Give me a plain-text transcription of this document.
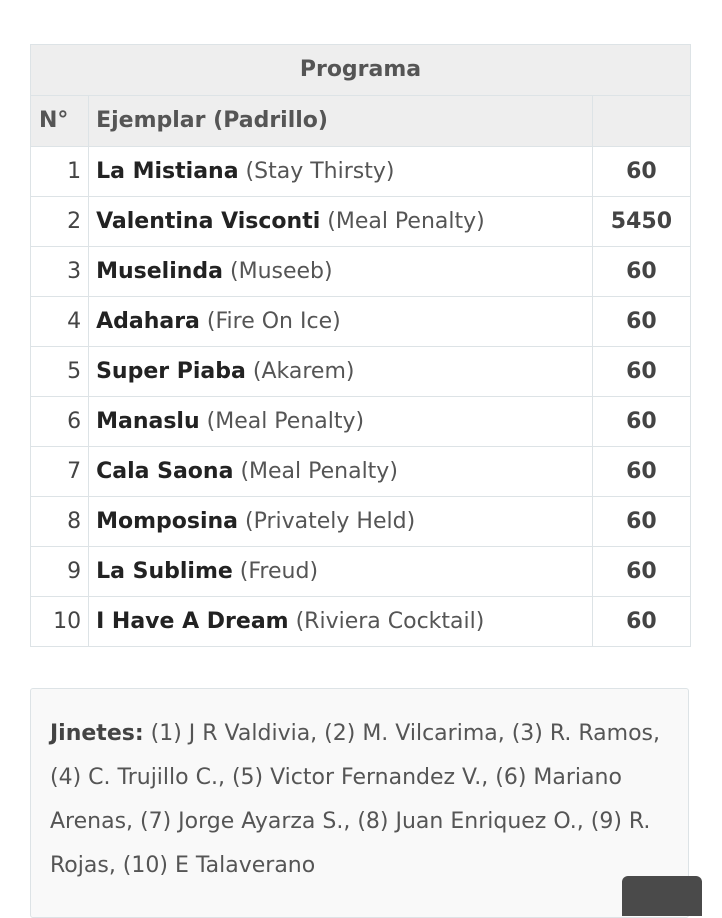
Programa		
N°	Ejemplar (Padrillo)	
1	La Mistiana (Stay Thirsty)	60
2	Valentina Visconti (Meal Penalty)	5450
3	Muselinda (Museeb)	60
4	Adahara (Fire On Ice)	60
5	Super Piaba (Akarem)	60
6	Manaslu (Meal Penalty)	60
7	Cala Saona (Meal Penalty)	60
8	Momposina (Privately Held)	60
9	La Sublime (Freud)	60
10	I Have A Dream (Riviera Cocktail)	60
Jinetes: (1) J R Valdivia, (2) M. Vilcarima, (3) R. Ramos, (4) C. Trujillo C., (5) Victor Fernandez V., (6) Mariano Arenas, (7) Jorge Ayarza S., (8) Juan Enriquez O., (9) R. Rojas, (10) E Talaverano
